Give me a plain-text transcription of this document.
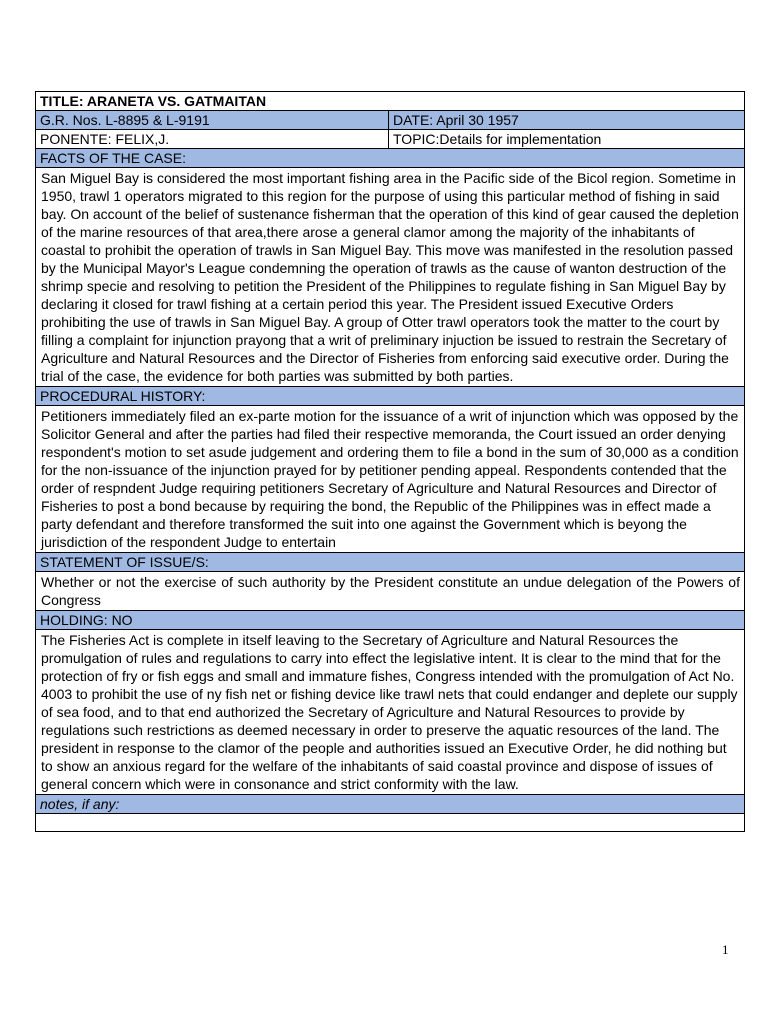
TITLE: ARANETA VS. GATMAITAN	
G.R. Nos. L-8895 & L-9191	DATE: April 30 1957
PONENTE: FELIX,J.	TOPIC:Details for implementation
FACTS OF THE CASE:	
San Miguel Bay is considered the most important fishing area in the Pacific side of the Bicol region. Sometime in 1950, trawl 1 operators migrated to this region for the purpose of using this particular method of fishing in said bay. On account of the belief of sustenance fisherman that the operation of this kind of gear caused the depletion of the marine resources of that area,there arose a general clamor among the majority of the inhabitants of coastal to prohibit the operation of trawls in San Miguel Bay. This move was manifested in the resolution passed by the Municipal Mayor's League condemning the operation of trawls as the cause of wanton destruction of the shrimp specie and resolving to petition the President of the Philippines to regulate fishing in San Miguel Bay by declaring it closed for trawl fishing at a certain period this year. The President issued Executive Orders prohibiting the use of trawls in San Miguel Bay. A group of Otter trawl operators took the matter to the court by filling a complaint for injunction prayong that a writ of preliminary injuction be issued to restrain the Secretary of Agriculture and Natural Resources and the Director of Fisheries from enforcing said executive order. During the trial of the case, the evidence for both parties was submitted by both parties.	
PROCEDURAL HISTORY:	
Petitioners immediately filed an ex-parte motion for the issuance of a writ of injunction which was opposed by the Solicitor General and after the parties had filed their respective memoranda, the Court issued an order denying respondent's motion to set asude judgement and ordering them to file a bond in the sum of 30,000 as a condition for the non-issuance of the injunction prayed for by petitioner pending appeal. Respondents contended that the order of respndent Judge requiring petitioners Secretary of Agriculture and Natural Resources and Director of Fisheries to post a bond because by requiring the bond, the Republic of the Philippines was in effect made a party defendant and therefore transformed the suit into one against the Government which is beyong the jurisdiction of the respondent Judge to entertain	
STATEMENT OF ISSUE/S:	
Whether or not the exercise of such authority by the President constitute an undue delegation of the Powers of Congress	
HOLDING: NO	
The Fisheries Act is complete in itself leaving to the Secretary of Agriculture and Natural Resources the promulgation of rules and regulations to carry into effect the legislative intent. It is clear to the mind that for the protection of fry or fish eggs and small and immature fishes, Congress intended with the promulgation of Act No. 4003 to prohibit the use of ny fish net or fishing device like trawl nets that could endanger and deplete our supply of sea food, and to that end authorized the Secretary of Agriculture and Natural Resources to provide by regulations such restrictions as deemed necessary in order to preserve the aquatic resources of the land. The president in response to the clamor of the people and authorities issued an Executive Order, he did nothing but to show an anxious regard for the welfare of the inhabitants of said coastal province and dispose of issues of general concern which were in consonance and strict conformity with the law.	
notes, if any:	

1
